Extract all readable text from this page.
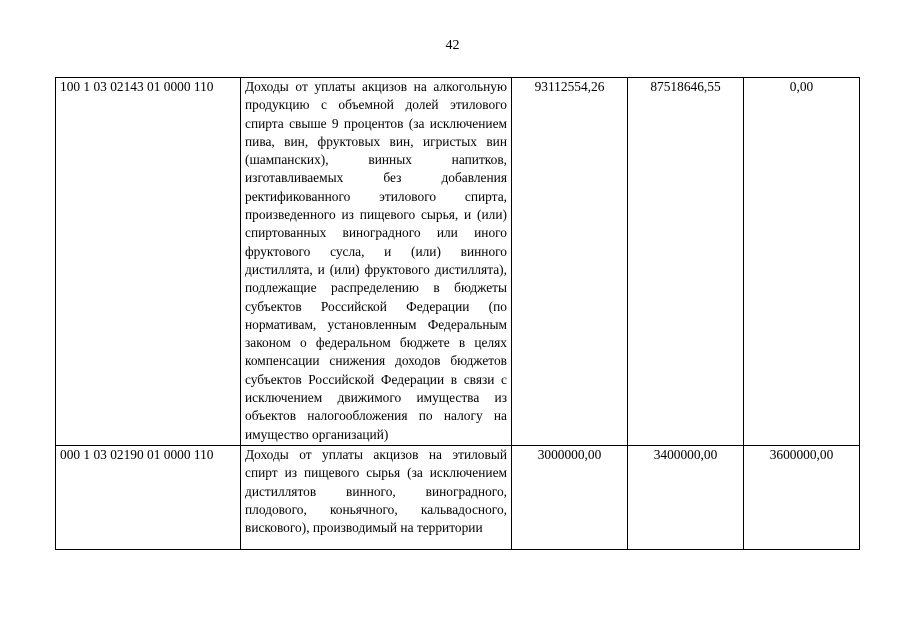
42
100 1 03 02143 01 0000 110	Доходы от уплаты акцизов на алкогольную продукцию с объемной долей этилового спирта свыше 9 процентов (за исключением пива, вин, фруктовых вин, игристых вин (шампанских), винных напитков, изготавливаемых без добавления ректификованного этилового спирта, произведенного из пищевого сырья, и (или) спиртованных виноградного или иного фруктового сусла, и (или) винного дистиллята, и (или) фруктового дистиллята), подлежащие распределению в бюджеты субъектов Российской Федерации (по нормативам, установленным Федеральным законом о федеральном бюджете в целях компенсации снижения доходов бюджетов субъектов Российской Федерации в связи с исключением движимого имущества из объектов налогообложения по налогу на имущество организаций)	93112554,26	87518646,55	0,00
000 1 03 02190 01 0000 110	Доходы от уплаты акцизов на этиловый спирт из пищевого сырья (за исключением дистиллятов винного, виноградного, плодового, коньячного, кальвадосного, вискового), производимый на территории	3000000,00	3400000,00	3600000,00
